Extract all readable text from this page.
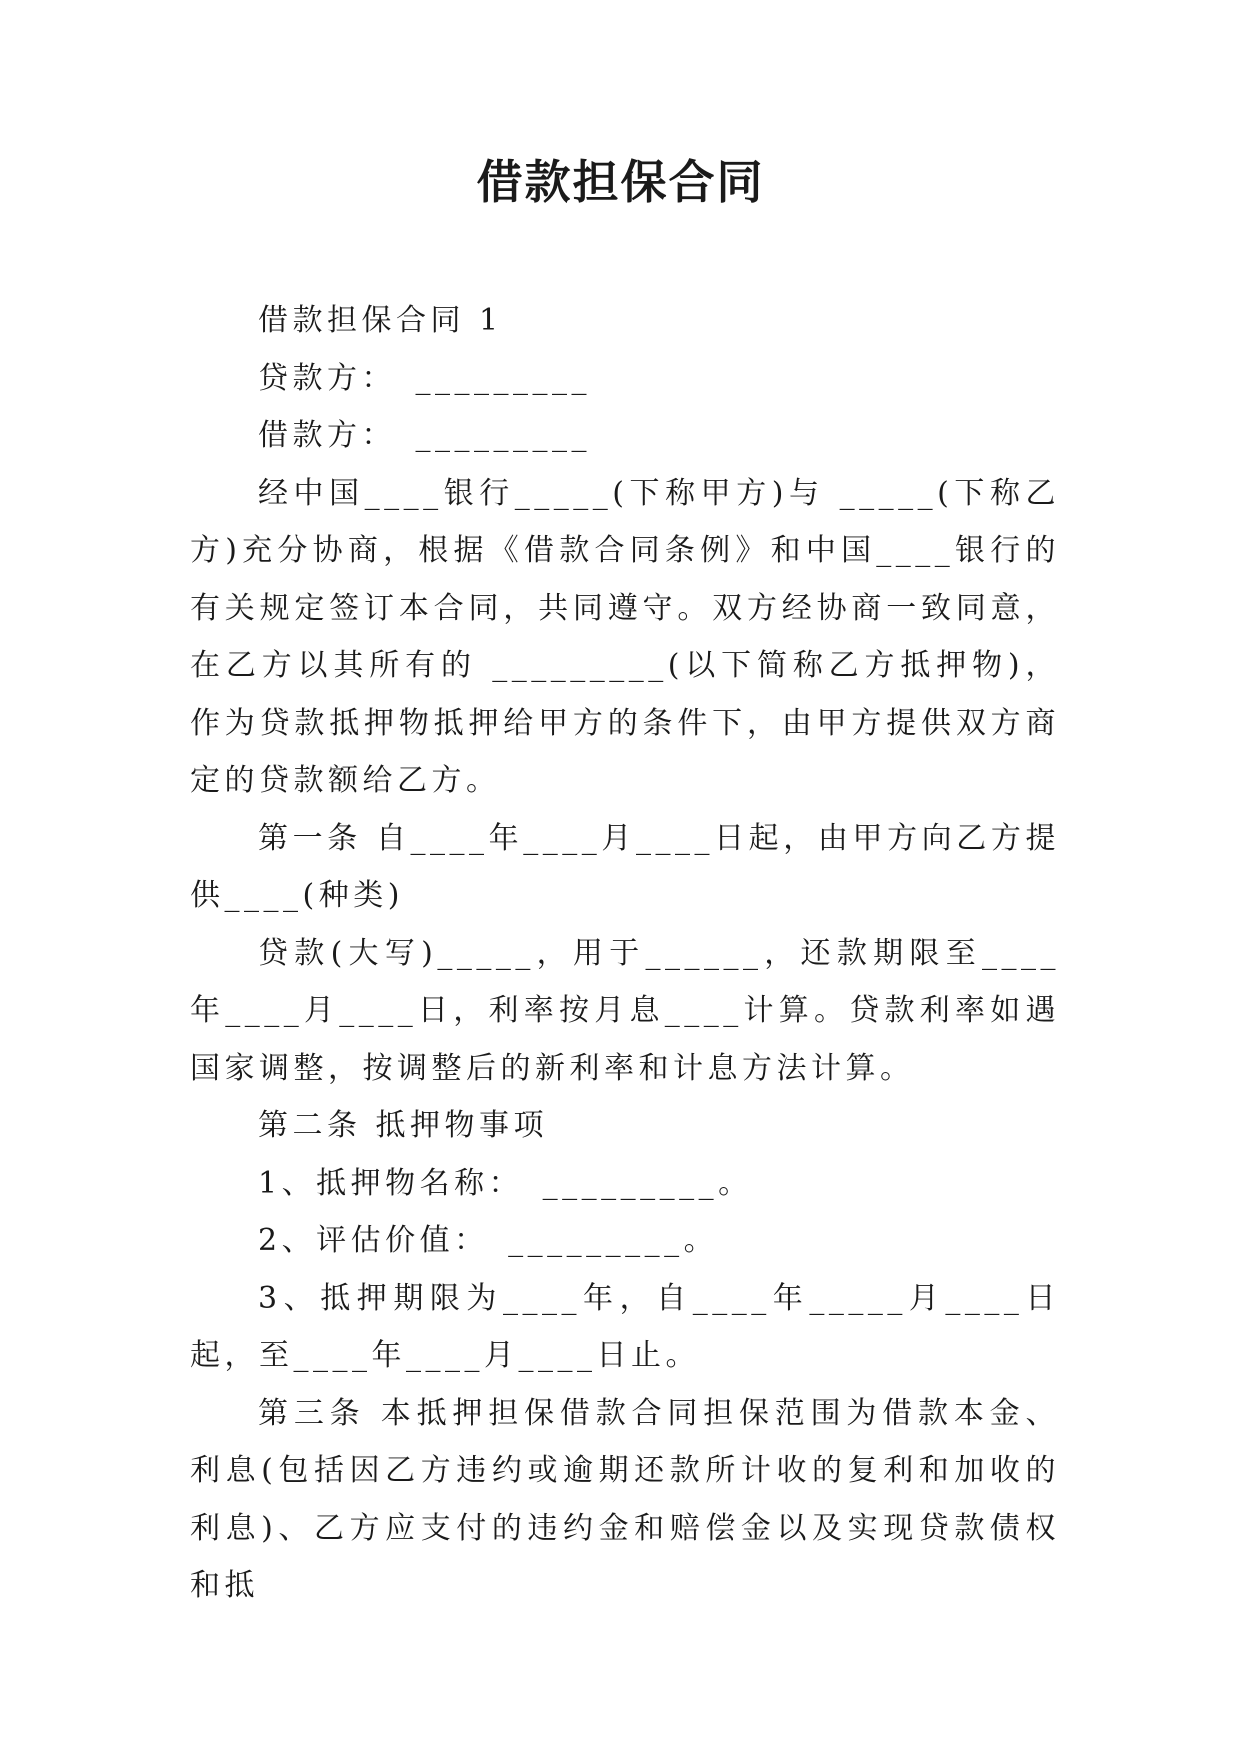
借款担保合同

借款担保合同 1

贷款方：　_________

借款方：　_________

经中国____银行_____(下称甲方)与 _____(下称乙方)充分协商，根据《借款合同条例》和中国____银行的有关规定签订本合同，共同遵守。双方经协商一致同意，在乙方以其所有的 _________(以下简称乙方抵押物)，作为贷款抵押物抵押给甲方的条件下，由甲方提供双方商定的贷款额给乙方。

第一条 自____年____月____日起，由甲方向乙方提供____(种类)

贷款(大写)_____，用于______，还款期限至____年____月____日，利率按月息____计算。贷款利率如遇国家调整，按调整后的新利率和计息方法计算。

第二条 抵押物事项

1、抵押物名称：　_________。

2、评估价值：　_________。

3、抵押期限为____年，自____年_____月____日起，至____年____月____日止。

第三条 本抵押担保借款合同担保范围为借款本金、利息(包括因乙方违约或逾期还款所计收的复利和加收的利息)、乙方应支付的违约金和赔偿金以及实现贷款债权和抵
